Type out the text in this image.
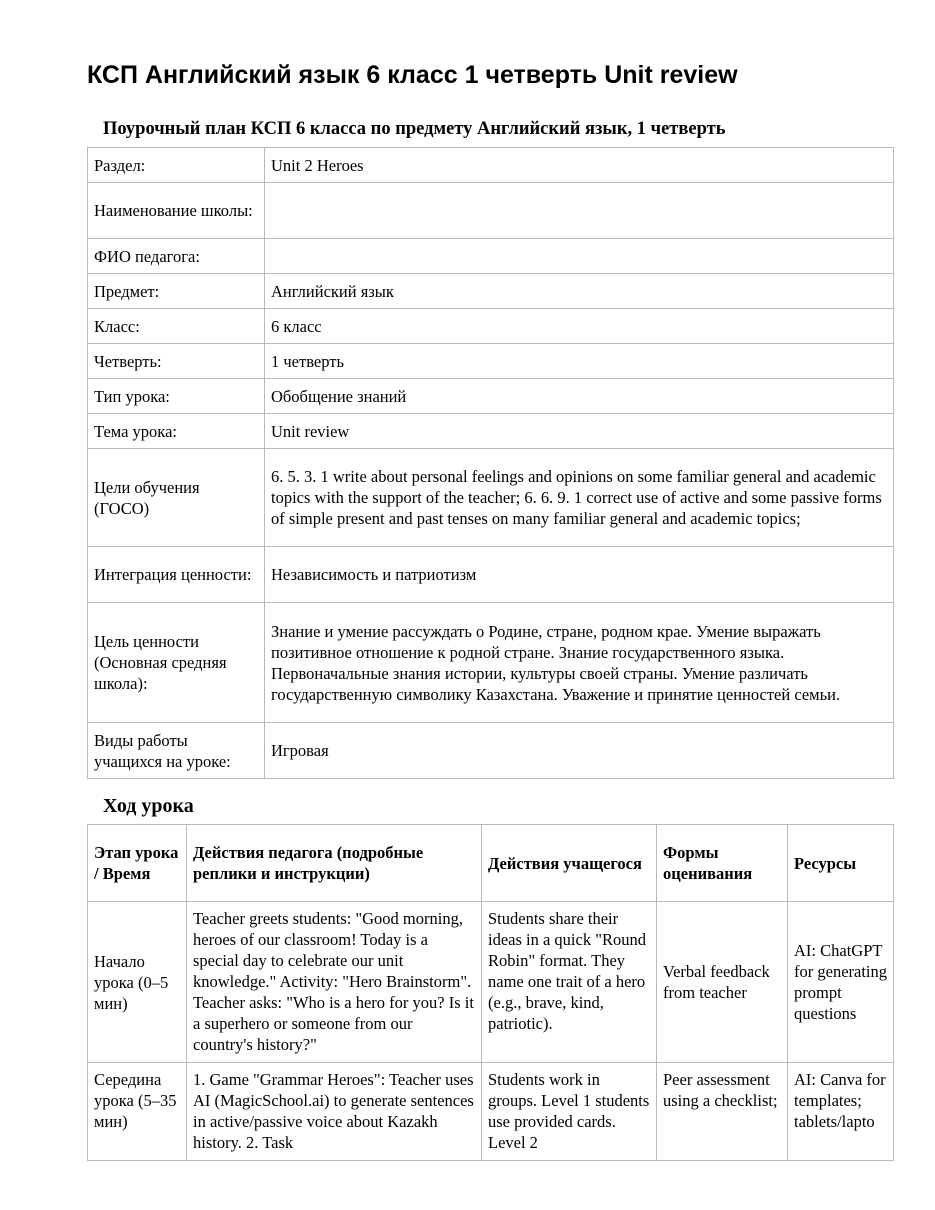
КСП Английский язык 6 класс 1 четверть Unit review
Поурочный план КСП 6 класса по предмету Английский язык, 1 четверть
Раздел:	Unit 2 Heroes
Наименование школы:	
ФИО педагога:	
Предмет:	Английский язык
Класс:	6 класс
Четверть:	1 четверть
Тип урока:	Обобщение знаний
Тема урока:	Unit review
Цели обучения (ГОСО)	6. 5. 3. 1 write about personal feelings and opinions on some familiar general and academic topics with the support of the teacher; 6. 6. 9. 1 correct use of active and some passive forms of simple present and past tenses on many familiar general and academic topics;
Интеграция ценности:	Независимость и патриотизм
Цель ценности (Основная средняя школа):	Знание и умение рассуждать о Родине, стране, родном крае. Умение выражать позитивное отношение к родной стране. Знание государственного языка. Первоначальные знания истории, культуры своей страны. Умение различать государственную символику Казахстана. Уважение и принятие ценностей семьи.
Виды работы учащихся на уроке:	Игровая
Ход урока
Этап урока / Время	Действия педагога (подробные реплики и инструкции)	Действия учащегося	Формы оценивания	Ресурсы
Начало урока (0–5 мин)	Teacher greets students: "Good morning, heroes of our classroom! Today is a special day to celebrate our unit knowledge." Activity: "Hero Brainstorm". Teacher asks: "Who is a hero for you? Is it a superhero or someone from our country's history?"	Students share their ideas in a quick "Round Robin" format. They name one trait of a hero (e.g., brave, kind, patriotic).	Verbal feedback from teacher	AI: ChatGPT for generating prompt questions
Середина урока (5–35 мин)	1. Game "Grammar Heroes": Teacher uses AI (MagicSchool.ai) to generate sentences in active/passive voice about Kazakh history. 2. Task	Students work in groups. Level 1 students use provided cards. Level 2	Peer assessment using a checklist;	AI: Canva for templates; tablets/lapto
